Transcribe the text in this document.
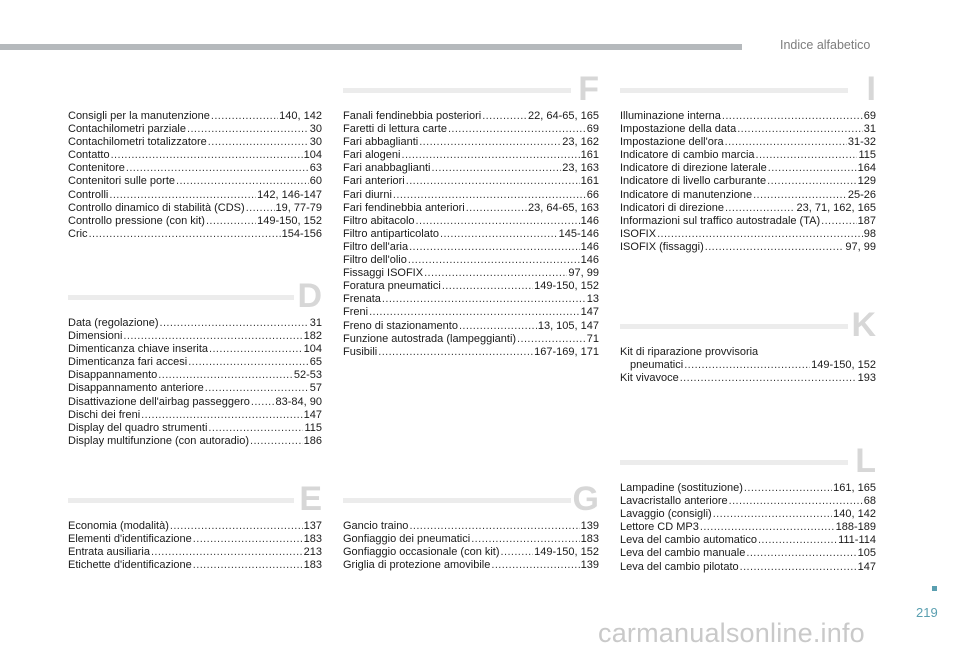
Indice alfabetico
Consigli per la manutenzione .....	140, 142
Contachilometri parziale .....	30
Contachilometri totalizzatore .....	30
Contatto .....	104
Contenitore .....	63
Contenitori sulle porte .....	60
Controlli .....	142, 146-147
Controllo dinamico di stabilità (CDS) .....	19, 77-79
Controllo pressione (con kit) .....	149-150, 152
Cric .....	154-156
D
Data (regolazione) .....	31
Dimensioni .....	182
Dimenticanza chiave inserita .....	104
Dimenticanza fari accesi .....	65
Disappannamento .....	52-53
Disappannamento anteriore .....	57
Disattivazione dell'airbag passeggero ..... 83-84, 90
Dischi dei freni .....	147
Display del quadro strumenti .....	115
Display multifunzione (con autoradio) .....	186
E
Economia (modalità) .....	137
Elementi d'identificazione .....	183
Entrata ausiliaria .....	213
Etichette d'identificazione .....	183
F
Fanali fendinebbia posteriori .....	22, 64-65, 165
Faretti di lettura carte .....	69
Fari abbaglianti .....	23, 162
Fari alogeni .....	161
Fari anabbaglianti .....	23, 163
Fari anteriori .....	161
Fari diurni .....	66
Fari fendinebbia anteriori .....	23, 64-65, 163
Filtro abitacolo .....	146
Filtro antiparticolato .....	145-146
Filtro dell'aria .....	146
Filtro dell'olio .....	146
Fissaggi ISOFIX .....	97, 99
Foratura pneumatici .....	149-150, 152
Frenata .....	13
Freni .....	147
Freno di stazionamento .....	13, 105, 147
Funzione autostrada (lampeggianti) .....	71
Fusibili .....	167-169, 171
G
Gancio traino .....	139
Gonfiaggio dei pneumatici .....	183
Gonfiaggio occasionale (con kit) .....	149-150, 152
Griglia di protezione amovibile .....	139
I
Illuminazione interna .....	69
Impostazione della data .....	31
Impostazione dell'ora .....	31-32
Indicatore di cambio marcia .....	115
Indicatore di direzione laterale .....	164
Indicatore di livello carburante .....	129
Indicatore di manutenzione .....	25-26
Indicatori di direzione .....	23, 71, 162, 165
Informazioni sul traffico autostradale (TA) .....	187
ISOFIX .....	98
ISOFIX (fissaggi) .....	97, 99
K
Kit di riparazione provvisoria
pneumatici .....	149-150, 152
Kit vivavoce .....	193
L
Lampadine (sostituzione) .....	161, 165
Lavacristallo anteriore .....	68
Lavaggio (consigli) .....	140, 142
Lettore CD MP3 .....	188-189
Leva del cambio automatico .....	111-114
Leva del cambio manuale .....	105
Leva del cambio pilotato .....	147
219
carmanualsonline.info
